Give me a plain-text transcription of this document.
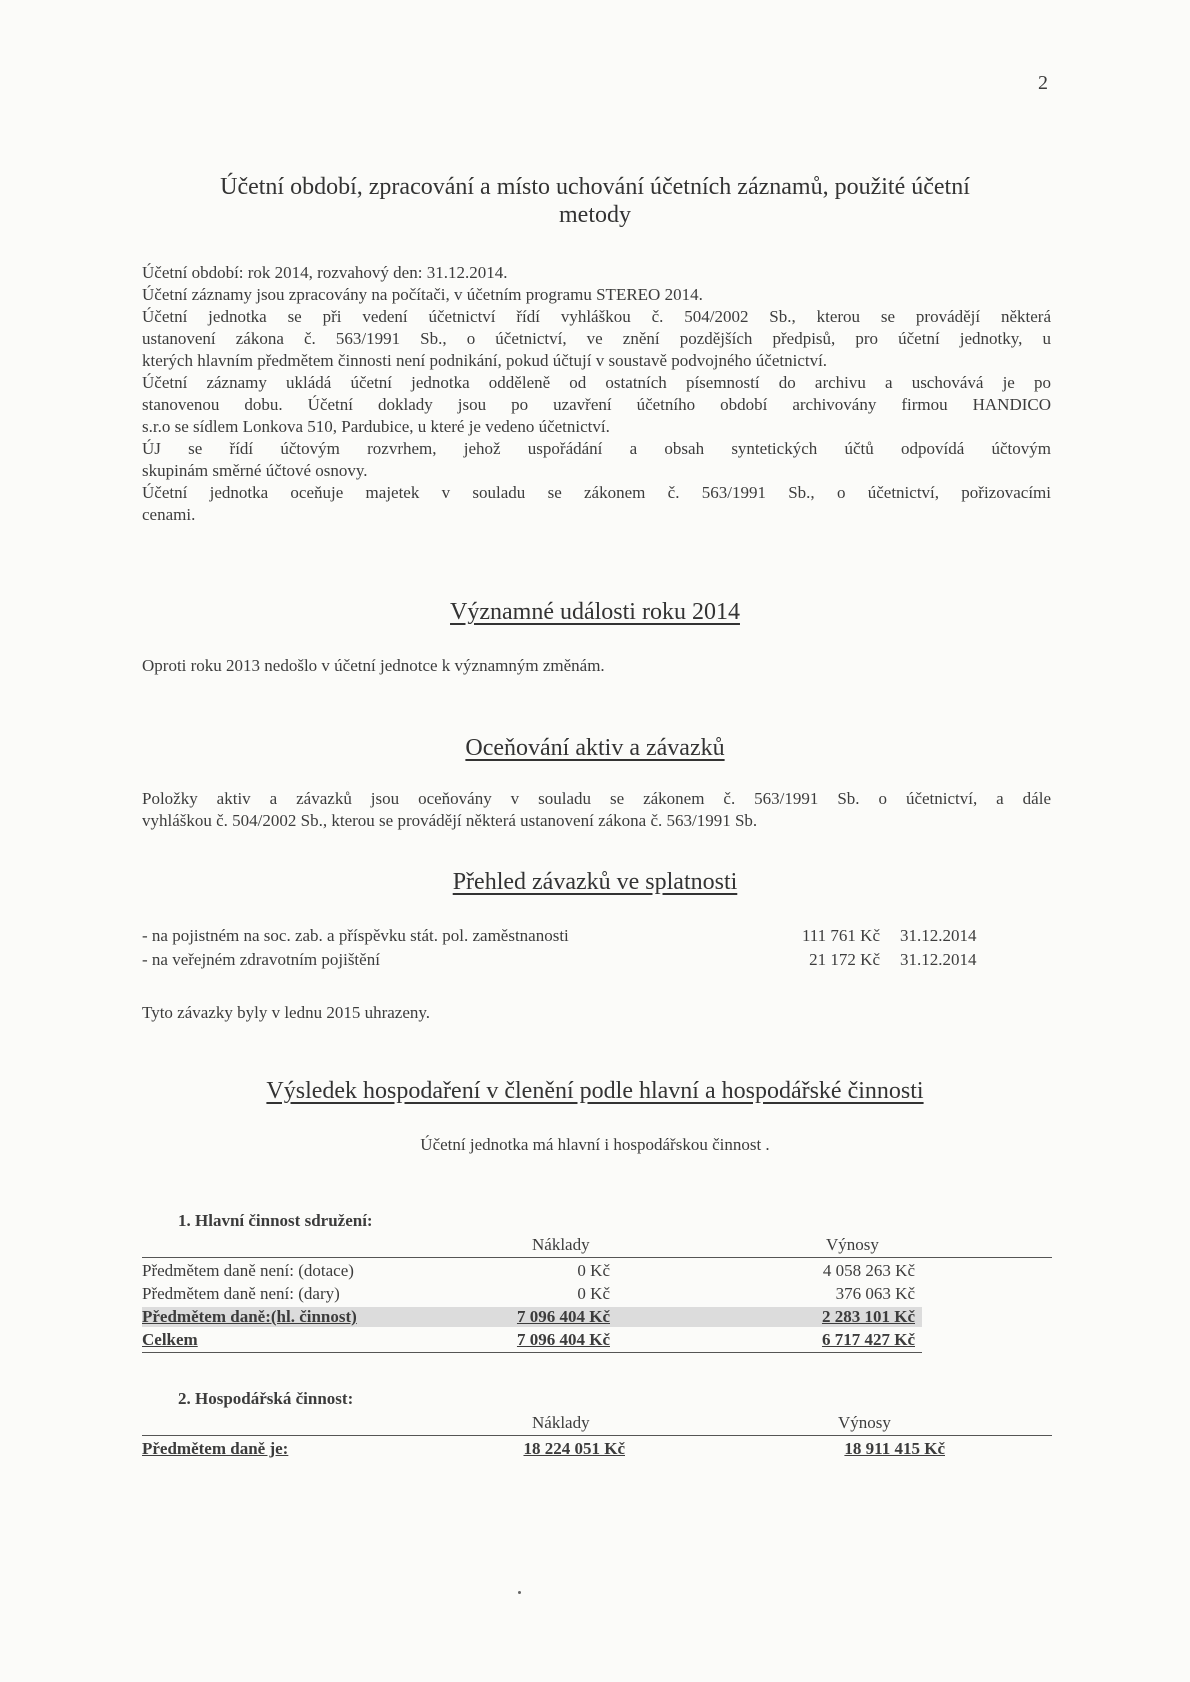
2
Účetní období, zpracování a místo uchování účetních záznamů, použité účetní
metody
Účetní období: rok 2014, rozvahový den: 31.12.2014.
Účetní záznamy jsou zpracovány na počítači, v účetním programu STEREO 2014.
Účetní jednotka se při vedení účetnictví řídí vyhláškou č. 504/2002 Sb., kterou se provádějí některá
ustanovení zákona č. 563/1991 Sb., o účetnictví, ve znění pozdějších předpisů, pro účetní jednotky, u
kterých hlavním předmětem činnosti není podnikání, pokud účtují v soustavě podvojného účetnictví.
Účetní záznamy ukládá účetní jednotka odděleně od ostatních písemností do archivu a uschovává je po
stanovenou dobu. Účetní doklady jsou po uzavření účetního období archivovány firmou HANDICO
s.r.o se sídlem Lonkova 510, Pardubice, u které je vedeno účetnictví.
ÚJ se řídí účtovým rozvrhem, jehož uspořádání a obsah syntetických účtů odpovídá účtovým
skupinám směrné účtové osnovy.
Účetní jednotka oceňuje majetek v souladu se zákonem č. 563/1991 Sb., o účetnictví, pořizovacími
cenami.
Významné události roku 2014
Oproti roku 2013 nedošlo v účetní jednotce k významným změnám.
Oceňování aktiv a závazků
Položky aktiv a závazků jsou oceňovány v souladu se zákonem č. 563/1991 Sb. o účetnictví, a dále
vyhláškou č. 504/2002 Sb., kterou se provádějí některá ustanovení zákona č. 563/1991 Sb.
Přehled závazků ve splatnosti
- na pojistném na soc. zab. a příspěvku stát. pol. zaměstnanosti	111 761 Kč 31.12.2014
- na veřejném zdravotním pojištění	21 172 Kč 31.12.2014
Tyto závazky byly v lednu 2015 uhrazeny.
Výsledek hospodaření v členění podle hlavní a hospodářské činnosti
Účetní jednotka má hlavní i hospodářskou činnost .
1. Hlavní činnost sdružení:
Náklady	Výnosy
Předmětem daně není: (dotace)	0 Kč	4 058 263 Kč
Předmětem daně není: (dary)	0 Kč	376 063 Kč
Předmětem daně:(hl. činnost)	7 096 404 Kč	2 283 101 Kč
Celkem	7 096 404 Kč	6 717 427 Kč
2. Hospodářská činnost:
Náklady	Výnosy
Předmětem daně je:	18 224 051 Kč	18 911 415 Kč
